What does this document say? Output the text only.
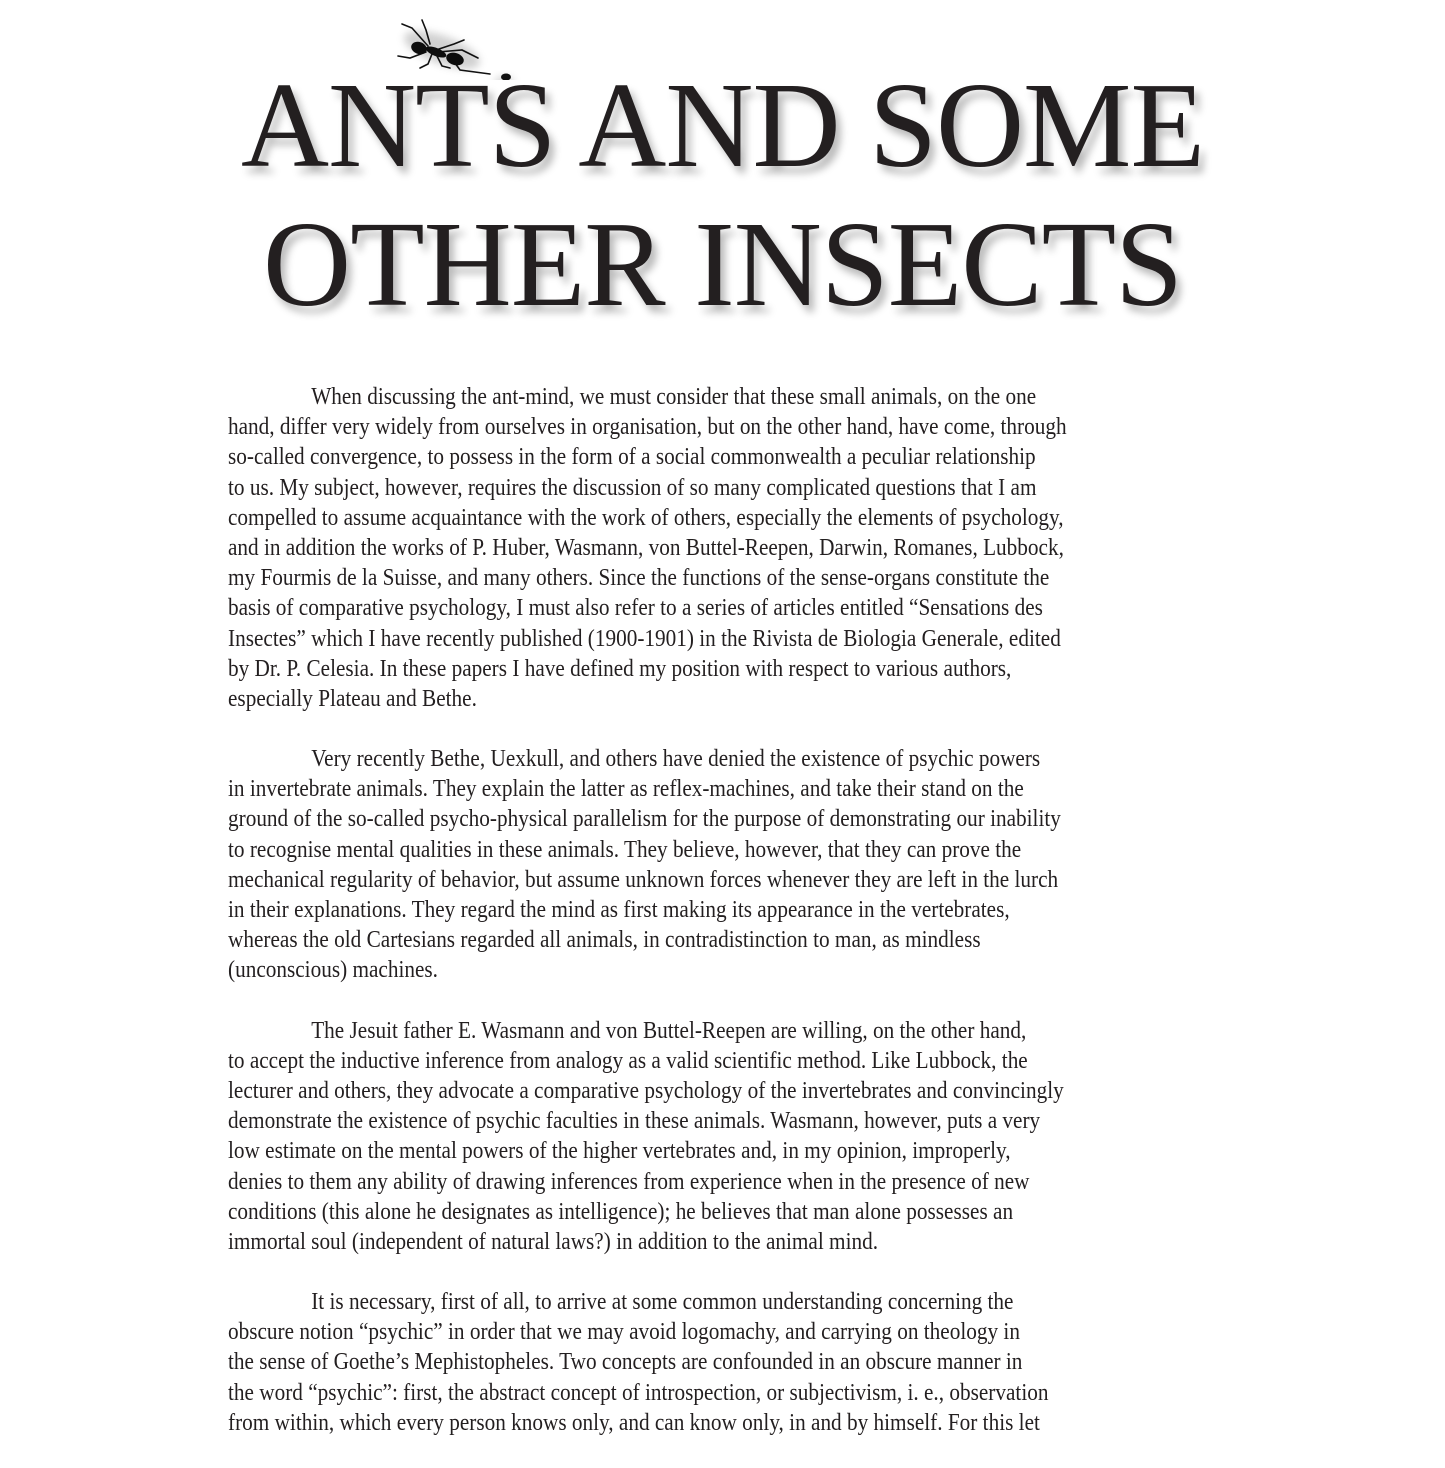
ANTS AND SOME
OTHER INSECTS

When discussing the ant-mind, we must consider that these small animals, on the one
hand, differ very widely from ourselves in organisation, but on the other hand, have come, through
so-called convergence, to possess in the form of a social commonwealth a peculiar relationship
to us. My subject, however, requires the discussion of so many complicated questions that I am
compelled to assume acquaintance with the work of others, especially the elements of psychology,
and in addition the works of P. Huber, Wasmann, von Buttel-Reepen, Darwin, Romanes, Lubbock,
my Fourmis de la Suisse, and many others. Since the functions of the sense-organs constitute the
basis of comparative psychology, I must also refer to a series of articles entitled “Sensations des
Insectes” which I have recently published (1900-1901) in the Rivista de Biologia Generale, edited
by Dr. P. Celesia. In these papers I have defined my position with respect to various authors,
especially Plateau and Bethe.

Very recently Bethe, Uexkull, and others have denied the existence of psychic powers
in invertebrate animals. They explain the latter as reflex-machines, and take their stand on the
ground of the so-called psycho-physical parallelism for the purpose of demonstrating our inability
to recognise mental qualities in these animals. They believe, however, that they can prove the
mechanical regularity of behavior, but assume unknown forces whenever they are left in the lurch
in their explanations. They regard the mind as first making its appearance in the vertebrates,
whereas the old Cartesians regarded all animals, in contradistinction to man, as mindless
(unconscious) machines.

The Jesuit father E. Wasmann and von Buttel-Reepen are willing, on the other hand,
to accept the inductive inference from analogy as a valid scientific method. Like Lubbock, the
lecturer and others, they advocate a comparative psychology of the invertebrates and convincingly
demonstrate the existence of psychic faculties in these animals. Wasmann, however, puts a very
low estimate on the mental powers of the higher vertebrates and, in my opinion, improperly,
denies to them any ability of drawing inferences from experience when in the presence of new
conditions (this alone he designates as intelligence); he believes that man alone possesses an
immortal soul (independent of natural laws?) in addition to the animal mind.

It is necessary, first of all, to arrive at some common understanding concerning the
obscure notion “psychic” in order that we may avoid logomachy, and carrying on theology in
the sense of Goethe’s Mephistopheles. Two concepts are confounded in an obscure manner in
the word “psychic”: first, the abstract concept of introspection, or subjectivism, i. e., observation
from within, which every person knows only, and can know only, in and by himself. For this let
